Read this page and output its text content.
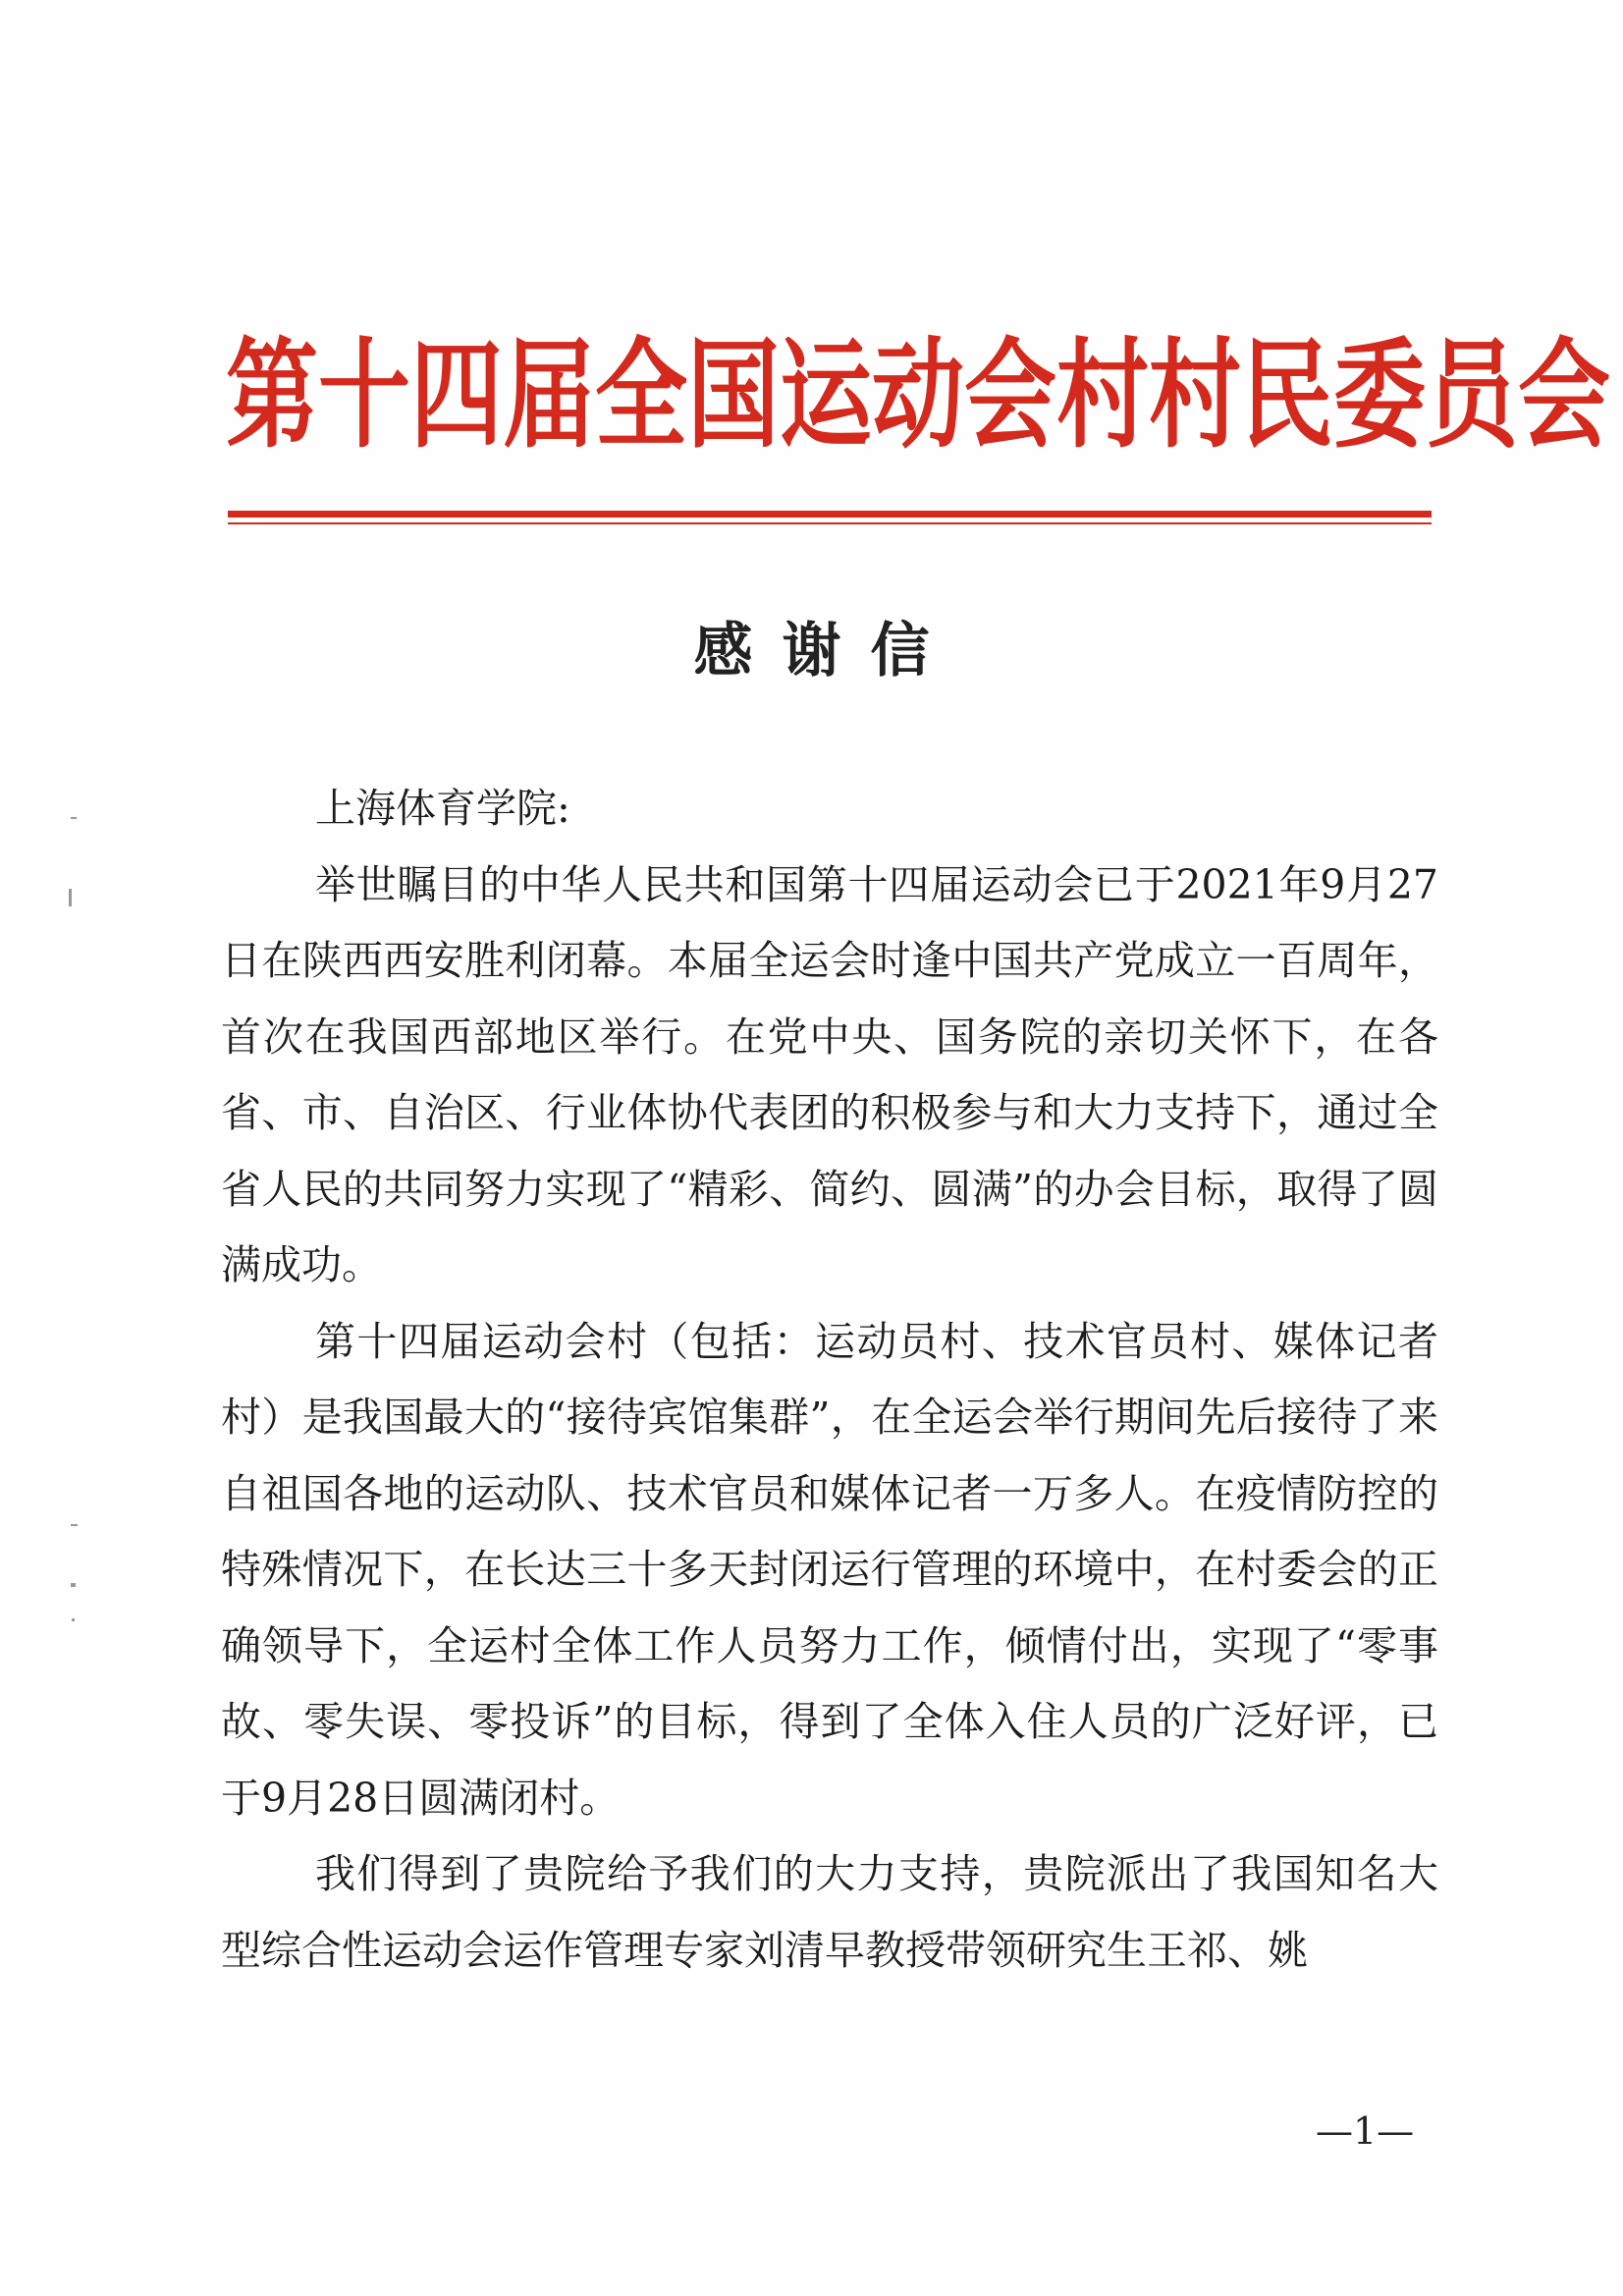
第十四届全国运动会村村民委员会
感谢信

上海体育学院:

举世瞩目的中华人民共和国第十四届运动会已于2021年9月27日在陕西西安胜利闭幕。本届全运会时逢中国共产党成立一百周年，首次在我国西部地区举行。在党中央、国务院的亲切关怀下，在各省、市、自治区、行业体协代表团的积极参与和大力支持下，通过全省人民的共同努力实现了“精彩、简约、圆满”的办会目标，取得了圆满成功。

第十四届运动会村（包括：运动员村、技术官员村、媒体记者村）是我国最大的“接待宾馆集群”，在全运会举行期间先后接待了来自祖国各地的运动队、技术官员和媒体记者一万多人。在疫情防控的特殊情况下，在长达三十多天封闭运行管理的环境中，在村委会的正确领导下，全运村全体工作人员努力工作，倾情付出，实现了“零事故、零失误、零投诉”的目标，得到了全体入住人员的广泛好评，已于9月28日圆满闭村。

我们得到了贵院给予我们的大力支持，贵院派出了我国知名大型综合性运动会运作管理专家刘清早教授带领研究生王祁、姚

—1—
